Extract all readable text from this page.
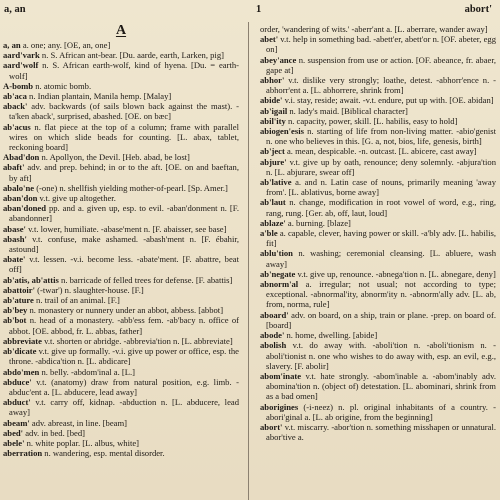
a, an	1	abort'
A

a, an a. one; any. [OE, an, one]

aard'vark n. S. African ant-bear. [Du. aarde, earth, Larken, pig]

aard'wolf n. S. African earth-wolf, kind of hyena. [Du. = earth-wolf]

A-bomb n. atomic bomb.

ab'aca n. Indian plantain, Manila hemp. [Malay]

aback' adv. backwards (of sails blown back against the mast). -ta'ken aback', surprised, abashed. [OE. on bæc]

ab'acus n. flat piece at the top of a column; frame with parallel wires on which slide beads for counting. [L. abax, tablet, reckoning board]

Abad'don n. Apollyon, the Devil. [Heb. abad, be lost]

abaft' adv. and prep. behind; in or to the aft. [OE. on and baeftan, by aft]

abalo'ne (-one) n. shellfish yielding mother-of-pearl. [Sp. Amer.]

aban'don v.t. give up altogether.

aban'doned pp. and a. given up, esp. to evil. -aban'donment n. [F. abandonner]

abase' v.t. lower, humiliate. -abase'ment n. [F. abaisser, see base]

abash' v.t. confuse, make ashamed. -abash'ment n. [F. ébahir, astound]

abate' v.t. lessen. -v.i. become less. -abate'ment. [F. abattre, beat off]

ab'atis, ab'attis n. barricade of felled trees for defense. [F. abattis]

abattoir' (-twar') n. slaughter-house. [F.]

ab'ature n. trail of an animal. [F.]

ab'bey n. monastery or nunnery under an abbot, abbess. [abbot]

ab'bot n. head of a monastery. -abb'ess fem. -ab'bacy n. office of abbot. [OE. abbod, fr. L. abbas, father]

abbreviate v.t. shorten or abridge. -abbrevia'tion n. [L. abbreviate]

ab'dicate v.t. give up formally. -v.i. give up power or office, esp. the throne. -abdica'tion n. [L. abdicare]

abdo'men n. belly. -abdom'inal a. [L.]

abduce' v.t. (anatomy) draw from natural position, e.g. limb. -abduc'ent a. [L. abducere, lead away]

abduct' v.t. carry off, kidnap. -abduction n. [L. abducere, lead away]

abeam' adv. abreast, in line. [beam]

abed' adv. in bed. [bed]

abele' n. white poplar. [L. albus, white]

aberration n. wandering, esp. mental disorder.

order, 'wandering of wits.' -aberr'ant a. [L. aberrare, wander away]

abet' v.t. help in something bad. -abett'er, abett'or n. [OF. abeter, egg on]

abey'ance n. suspension from use or action. [OF. abeance, fr. abaer, gape at]

abhor' v.t. dislike very strongly; loathe, detest. -abhorr'ence n. -abhorr'ent a. [L. abhorrere, shrink from]

abide' v.i. stay, reside; await. -v.t. endure, put up with. [OE. abidan]

ab'igail n. lady's maid. [Biblical character]

abil'ity n. capacity, power, skill. [L. habilis, easy to hold]

abiogen'esis n. starting of life from non-living matter. -abio'genist n. one who believes in this. [G. a, not, bios, life, genesis, birth]

ab'ject a. mean, despicable. -n. outcast. [L. abicere, cast away]

abjure' v.t. give up by oath, renounce; deny solemnly. -abjura'tion n. [L. abjurare, swear off]

ab'lative a. and n. Latin case of nouns, primarily meaning 'away from'. [L. ablativus, borne away]

ab'laut n. change, modification in root vowel of word, e.g., ring, rang, rung. [Ger. ab, off, laut, loud]

ablaze' a. burning. [blaze]

a'ble a. capable, clever, having power or skill. -a'bly adv. [L. habilis, fit]

ablu'tion n. washing; ceremonial cleansing. [L. abluere, wash away]

ab'negate v.t. give up, renounce. -abnega'tion n. [L. abnegare, deny]

abnorm'al a. irregular; not usual; not according to type; exceptional. -abnormal'ity, abnorm'ity n. -abnorm'ally adv. [L. ab, from, norma, rule]

aboard' adv. on board, on a ship, train or plane. -prep. on board of. [board]

abode' n. home, dwelling. [abide]

abolish v.t. do away with. -aboli'tion n. -aboli'tionism n. -aboli'tionist n. one who wishes to do away with, esp. an evil, e.g., slavery. [F. abolir]

abom'inate v.t. hate strongly. -abom'inable a. -abom'inably adv. abomina'tion n. (object of) detestation. [L. abominari, shrink from as a bad omen]

aborigines (-i-neez) n. pl. original inhabitants of a country. -abori'ginal a. [L. ab origine, from the beginning]

abort' v.t. miscarry. -abor'tion n. something misshapen or unnatural. abor'tive a.
